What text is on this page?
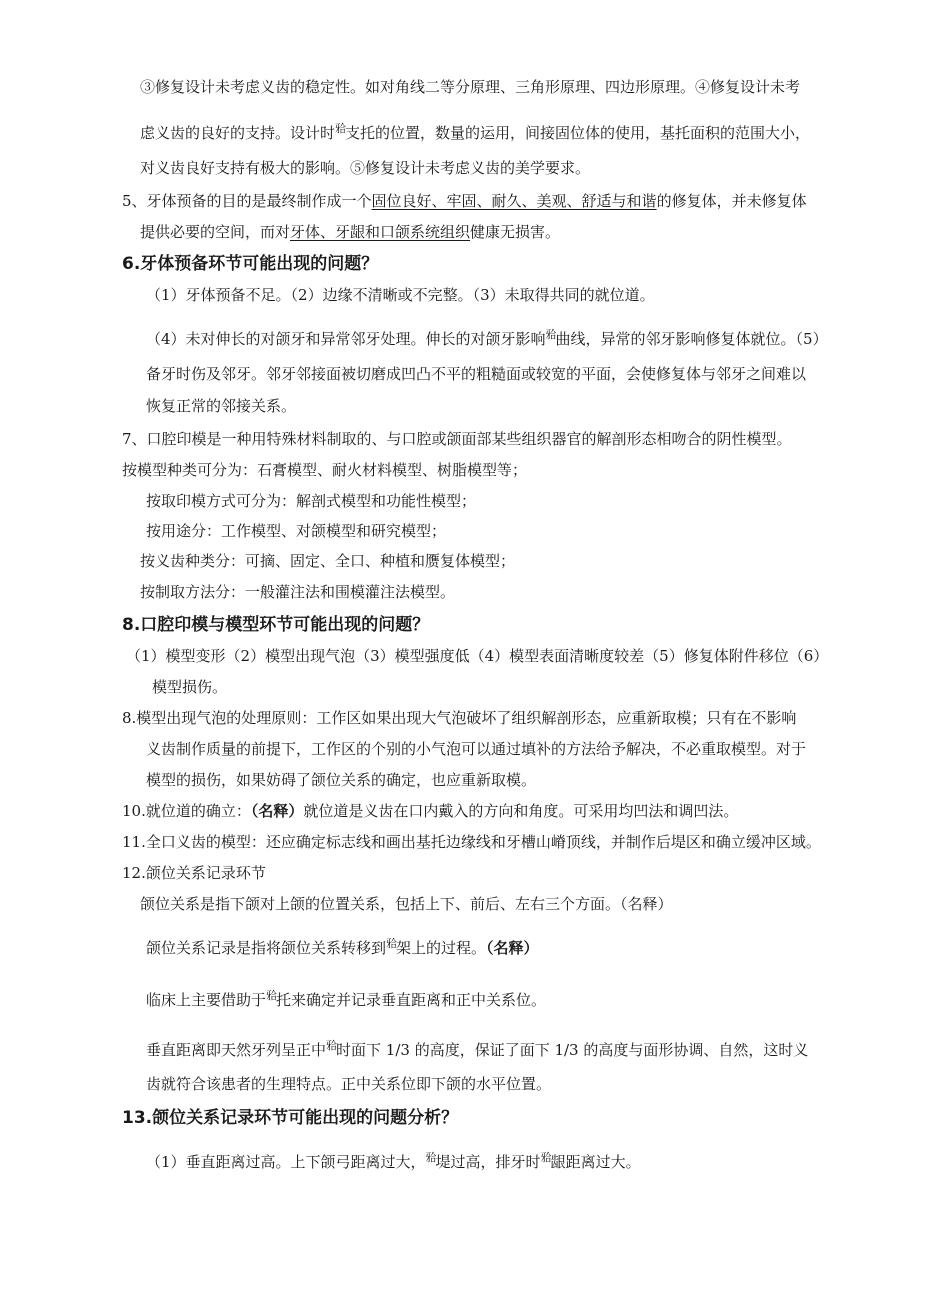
③修复设计未考虑义齿的稳定性。如对角线二等分原理、三角形原理、四边形原理。④修复设计未考
虑义齿的良好的支持。设计时$^𬌗$支托的位置，数量的运用，间接固位体的使用，基托面积的范围大小，
对义齿良好支持有极大的影响。⑤修复设计未考虑义齿的美学要求。
5、牙体预备的目的是最终制作成一个固位良好、牢固、耐久、美观、舒适与和谐的修复体，并未修复体
提供必要的空间，而对牙体、牙龈和口颌系统组织健康无损害。
6.牙体预备环节可能出现的问题？
（1）牙体预备不足。（2）边缘不清晰或不完整。（3）未取得共同的就位道。
（4）未对伸长的对颌牙和异常邻牙处理。伸长的对颌牙影响$^𬌗$曲线，异常的邻牙影响修复体就位。（5）
备牙时伤及邻牙。邻牙邻接面被切磨成凹凸不平的粗糙面或较宽的平面，会使修复体与邻牙之间难以
恢复正常的邻接关系。
7、口腔印模是一种用特殊材料制取的、与口腔或颌面部某些组织器官的解剖形态相吻合的阴性模型。
按模型种类可分为：石膏模型、耐火材料模型、树脂模型等；
按取印模方式可分为：解剖式模型和功能性模型；
按用途分：工作模型、对颌模型和研究模型；
按义齿种类分：可摘、固定、全口、种植和赝复体模型；
按制取方法分：一般灌注法和围模灌注法模型。
8.口腔印模与模型环节可能出现的问题？
（1）模型变形（2）模型出现气泡（3）模型强度低（4）模型表面清晰度较差（5）修复体附件移位（6）
模型损伤。
8.模型出现气泡的处理原则：工作区如果出现大气泡破坏了组织解剖形态，应重新取模；只有在不影响
义齿制作质量的前提下，工作区的个别的小气泡可以通过填补的方法给予解决，不必重取模型。对于
模型的损伤，如果妨碍了颌位关系的确定，也应重新取模。
10.就位道的确立：（名释）就位道是义齿在口内戴入的方向和角度。可采用均凹法和调凹法。
11.全口义齿的模型：还应确定标志线和画出基托边缘线和牙槽山嵴顶线，并制作后堤区和确立缓冲区域。
12.颌位关系记录环节
颌位关系是指下颌对上颌的位置关系，包括上下、前后、左右三个方面。（名释）
颌位关系记录是指将颌位关系转移到$^𬌗$架上的过程。（名释）
临床上主要借助于$^𬌗$托来确定并记录垂直距离和正中关系位。
垂直距离即天然牙列呈正中$^𬌗$时面下 1/3 的高度，保证了面下 1/3 的高度与面形协调、自然，这时义
齿就符合该患者的生理特点。正中关系位即下颌的水平位置。
13.颌位关系记录环节可能出现的问题分析？
（1）垂直距离过高。上下颌弓距离过大，$^𬌗$堤过高，排牙时$^𬌗$龈距离过大。
